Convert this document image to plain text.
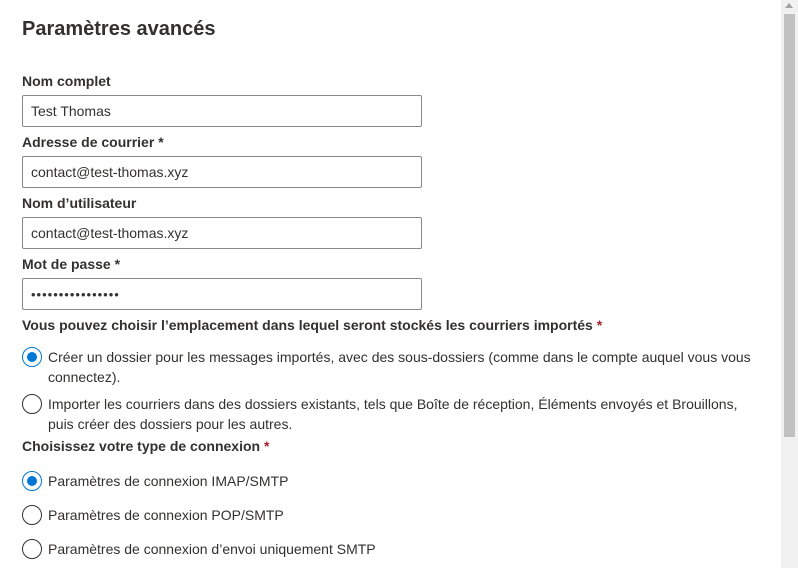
Paramètres avancés
Nom complet
Test Thomas
Adresse de courrier *
contact@test-thomas.xyz
Nom d’utilisateur
contact@test-thomas.xyz
Mot de passe *
••••••••••••••••
Vous pouvez choisir l’emplacement dans lequel seront stockés les courriers importés *
Créer un dossier pour les messages importés, avec des sous-dossiers (comme dans le compte auquel vous vous connectez).
Importer les courriers dans des dossiers existants, tels que Boîte de réception, Éléments envoyés et Brouillons, puis créer des dossiers pour les autres.
Choisissez votre type de connexion *
Paramètres de connexion IMAP/SMTP
Paramètres de connexion POP/SMTP
Paramètres de connexion d’envoi uniquement SMTP
